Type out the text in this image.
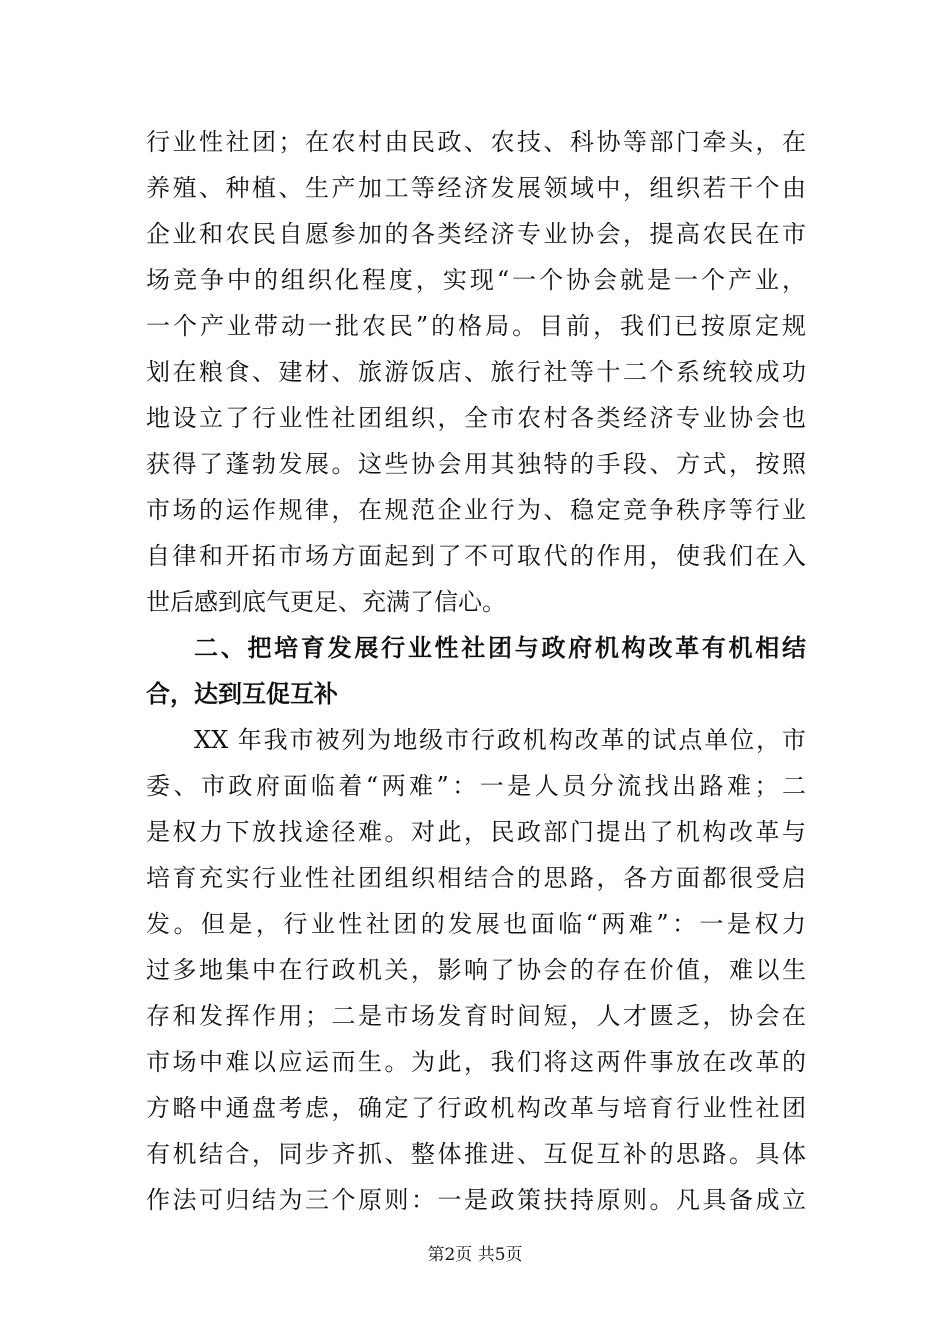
行业性社团；在农村由民政、农技、科协等部门牵头，在
养殖、种植、生产加工等经济发展领域中，组织若干个由
企业和农民自愿参加的各类经济专业协会，提高农民在市
场竞争中的组织化程度，实现“一个协会就是一个产业，
一个产业带动一批农民”的格局。目前，我们已按原定规
划在粮食、建材、旅游饭店、旅行社等十二个系统较成功
地设立了行业性社团组织，全市农村各类经济专业协会也
获得了蓬勃发展。这些协会用其独特的手段、方式，按照
市场的运作规律，在规范企业行为、稳定竞争秩序等行业
自律和开拓市场方面起到了不可取代的作用，使我们在入
世后感到底气更足、充满了信心。
二、把培育发展行业性社团与政府机构改革有机相结
合，达到互促互补
XX 年我市被列为地级市行政机构改革的试点单位，市
委、市政府面临着“两难”：一是人员分流找出路难；二
是权力下放找途径难。对此，民政部门提出了机构改革与
培育充实行业性社团组织相结合的思路，各方面都很受启
发。但是，行业性社团的发展也面临“两难”：一是权力
过多地集中在行政机关，影响了协会的存在价值，难以生
存和发挥作用；二是市场发育时间短，人才匮乏，协会在
市场中难以应运而生。为此，我们将这两件事放在改革的
方略中通盘考虑，确定了行政机构改革与培育行业性社团
有机结合，同步齐抓、整体推进、互促互补的思路。具体
作法可归结为三个原则：一是政策扶持原则。凡具备成立
第2页 共5页
